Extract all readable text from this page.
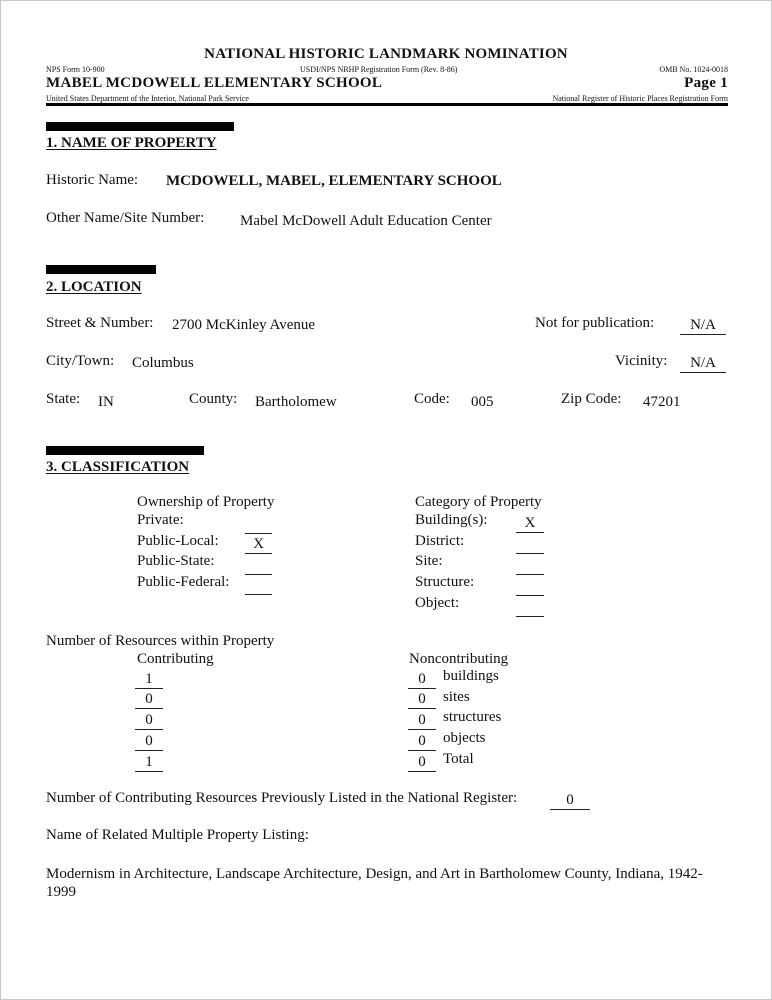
NATIONAL HISTORIC LANDMARK NOMINATION
NPS Form 10-900	USDI/NPS NRHP Registration Form (Rev. 8-86)	OMB No. 1024-0018
MABEL MCDOWELL ELEMENTARY SCHOOL	Page 1
United States Department of the Interior, National Park Service	National Register of Historic Places Registration Form
1. NAME OF PROPERTY
Historic Name: MCDOWELL, MABEL, ELEMENTARY SCHOOL
Other Name/Site Number: Mabel McDowell Adult Education Center
2. LOCATION
Street & Number: 2700 McKinley Avenue	Not for publication:	N/A
City/Town: Columbus	Vicinity:	N/A
State: IN	County: Bartholomew	Code: 005	Zip Code: 47201
3. CLASSIFICATION
Ownership of Property
Private:
Public-Local:	X
Public-State:
Public-Federal:
Category of Property
Building(s):	X
District:
Site:
Structure:
Object:
Number of Resources within Property
Contributing	Noncontributing
1	0	buildings
0	0	sites
0	0	structures
0	0	objects
1	0	Total
Number of Contributing Resources Previously Listed in the National Register:	0
Name of Related Multiple Property Listing:
Modernism in Architecture, Landscape Architecture, Design, and Art in Bartholomew County, Indiana, 1942-
1999
